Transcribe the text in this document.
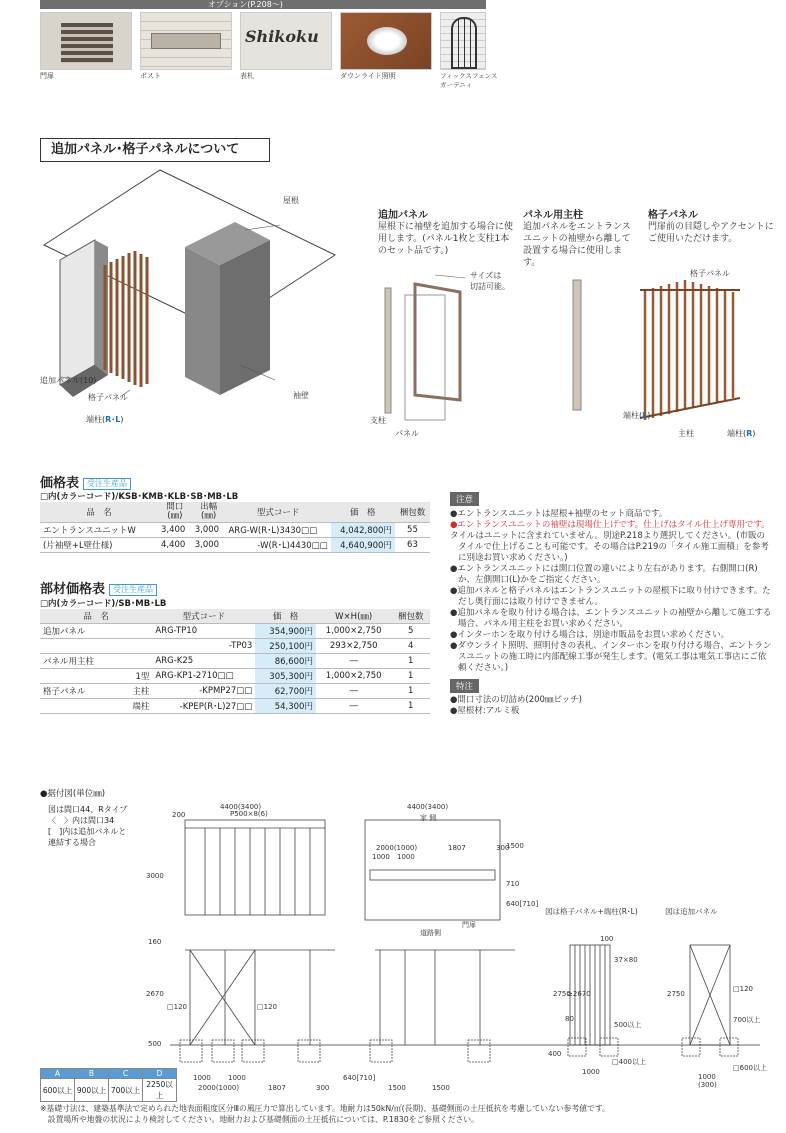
オプション(P.208〜)
Shikoku
門扉	ポスト	表札	ダウンライト照明	フィックスフェンス
ガーデニィ
追加パネル･格子パネルについて
屋根
袖壁
追加パネル(10)
格子パネル
端柱(R･L)
追加パネル
屋根下に袖壁を追加する場合に使用します。(パネル1枚と支柱1本のセット品です。)
パネル用主柱
追加パネルをエントランスユニットの袖壁から離して設置する場合に使用します。
格子パネル
門扉前の目隠しやアクセントにご使用いただけます。
サイズは
切詰可能。
支柱
パネル
格子パネル
端柱(L)
主柱	端柱(R)
価格表 受注生産品
□内(カラーコード)/KSB･KMB･KLB･SB･MB･LB
品　名	間口
(㎜)	出幅
(㎜)	型式コード	価　格	梱包数
エントランスユニットW	3,400	3,000	ARG-W(R･L)3430□□	4,042,800円	55
(片袖壁+L壁仕様)	4,400	3,000	-W(R･L)4430□□	4,640,900円	63
部材価格表 受注生産品
□内(カラーコード)/SB･MB･LB
品　名		型式コード	価　格	W×H(㎜)	梱包数
追加パネル		ARG-TP10	354,900円	1,000×2,750	5
		-TP03	250,100円	293×2,750	4
パネル用主柱		ARG-K25	86,600円	―	1
	1型	ARG-KP1-2710□□	305,300円	1,000×2,750	1
格子パネル	主柱	-KPMP27□□	62,700円	―	1
	端柱	-KPEP(R･L)27□□	54,300円	―	1
注意
●エントランスユニットは屋根+袖壁のセット商品です。
●エントランスユニットの袖壁は現場仕上げです。仕上げはタイル仕上げ専用です。
タイルはユニットに含まれていません。別途P.218より選択してください。(市販のタイルで仕上げることも可能です。その場合はP.219の「タイル施工面積」を参考に別途お買い求めください。)
●エントランスユニットには開口位置の違いにより左右があります。右側開口(R)か、左側開口(L)かをご指定ください。
●追加パネルと格子パネルはエントランスユニットの屋根下に取り付けできます。ただし奥行面には取り付けできません。
●追加パネルを取り付ける場合は、エントランスユニットの袖壁から離して施工する場合、パネル用主柱をお買い求めください。
●インターホンを取り付ける場合は、別途市販品をお買い求めください。
●ダウンライト照明、照明付きの表札、インターホンを取り付ける場合、エントランスユニットの施工時に内部配線工事が発生します。(電気工事は電気工事店にご依頼ください。)
特注
●間口寸法の切詰め(200㎜ピッチ)
●屋根材:アルミ板
●据付図(単位㎜)
図は間口44、Rタイプ
〈　〉内は間口34
[　]内は追加パネルと
連結する場合
4400(3400)
P500×8(6)
200
3000
4400(3400)
家 側
2000(1000)	1807	300
1000 1000
1500
710
640[710]
道路側
門扉
160
2670
□120	□120
500
1000 1000
2000(1000)	1807	300
640[710]
1500	1500
図は格子パネル+端柱(R･L)	図は追加パネル
100
37×80
2750
≥2670
80
500以上
400
□400以上
1000
2750
□120
700以上
□600以上
1000
(300)
A	B	C	D
600以上	900以上	700以上	2250以上
※基礎寸法は、建築基準法で定められた地表面粗度区分Ⅲの風圧力で算出しています。地耐力は50kN/㎡(長期)、基礎側面の土圧抵抗を考慮していない参考値です。
　設置場所や地盤の状況により検討してください。地耐力および基礎側面の土圧抵抗については、P.1830をご参照ください。
